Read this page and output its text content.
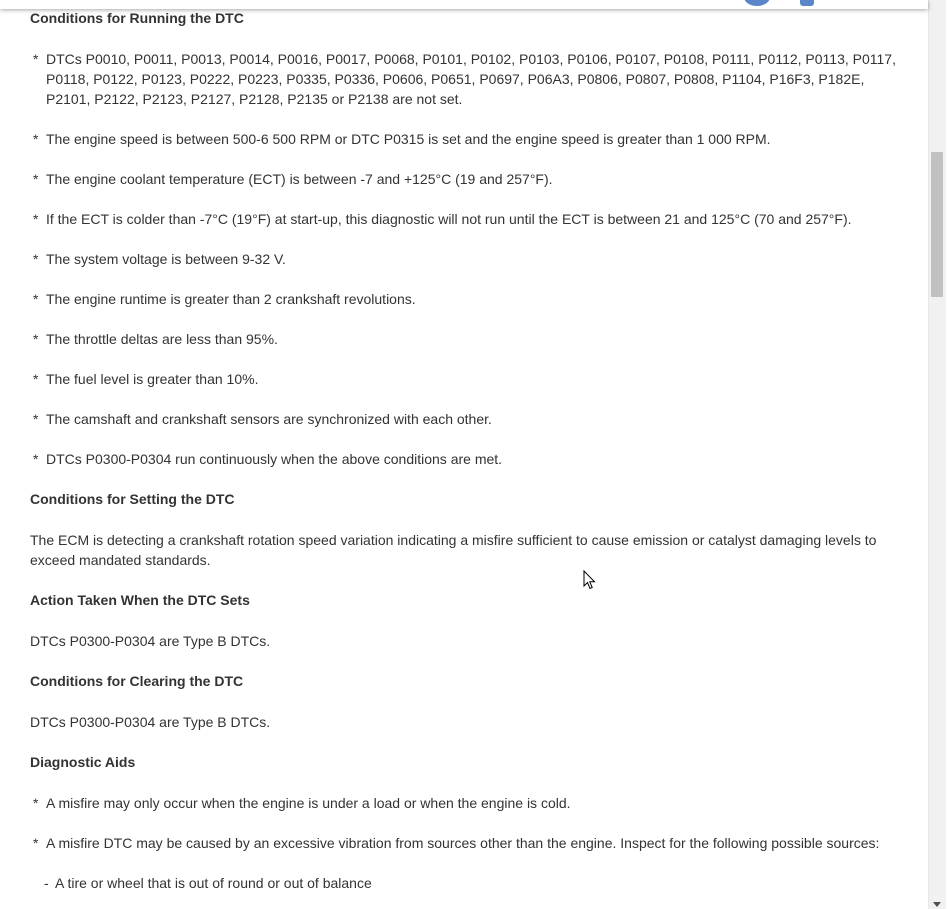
Conditions for Running the DTC
* DTCs P0010, P0011, P0013, P0014, P0016, P0017, P0068, P0101, P0102, P0103, P0106, P0107, P0108, P0111, P0112, P0113, P0117, P0118, P0122, P0123, P0222, P0223, P0335, P0336, P0606, P0651, P0697, P06A3, P0806, P0807, P0808, P1104, P16F3, P182E, P2101, P2122, P2123, P2127, P2128, P2135 or P2138 are not set.
* The engine speed is between 500-6 500 RPM or DTC P0315 is set and the engine speed is greater than 1 000 RPM.
* The engine coolant temperature (ECT) is between -7 and +125°C (19 and 257°F).
* If the ECT is colder than -7°C (19°F) at start-up, this diagnostic will not run until the ECT is between 21 and 125°C (70 and 257°F).
* The system voltage is between 9-32 V.
* The engine runtime is greater than 2 crankshaft revolutions.
* The throttle deltas are less than 95%.
* The fuel level is greater than 10%.
* The camshaft and crankshaft sensors are synchronized with each other.
* DTCs P0300-P0304 run continuously when the above conditions are met.
Conditions for Setting the DTC
The ECM is detecting a crankshaft rotation speed variation indicating a misfire sufficient to cause emission or catalyst damaging levels to exceed mandated standards.
Action Taken When the DTC Sets
DTCs P0300-P0304 are Type B DTCs.
Conditions for Clearing the DTC
DTCs P0300-P0304 are Type B DTCs.
Diagnostic Aids
* A misfire may only occur when the engine is under a load or when the engine is cold.
* A misfire DTC may be caused by an excessive vibration from sources other than the engine. Inspect for the following possible sources:
- A tire or wheel that is out of round or out of balance
